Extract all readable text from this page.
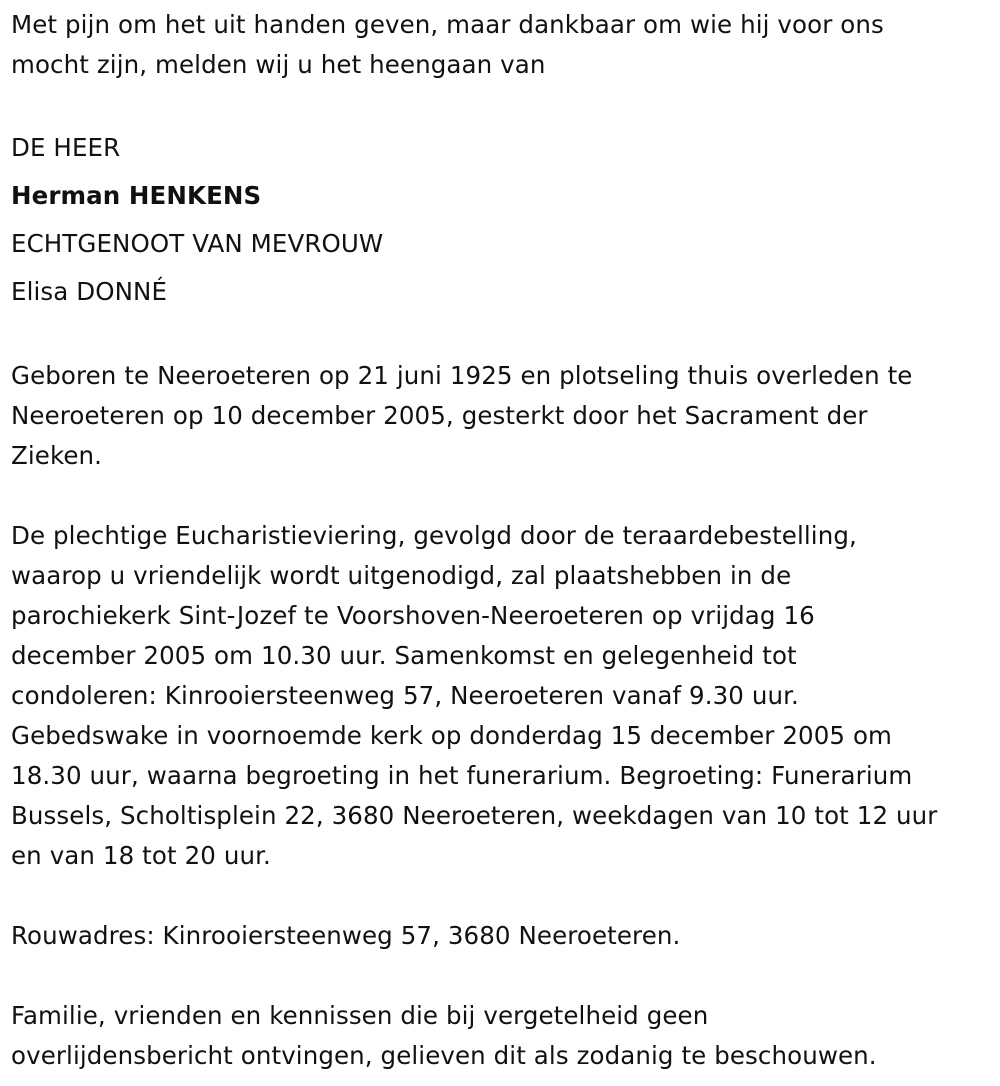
Met pijn om het uit handen geven, maar dankbaar om wie hij voor ons
mocht zijn, melden wij u het heengaan van
DE HEER
Herman HENKENS
ECHTGENOOT VAN MEVROUW
Elisa DONNÉ
Geboren te Neeroeteren op 21 juni 1925 en plotseling thuis overleden te
Neeroeteren op 10 december 2005, gesterkt door het Sacrament der
Zieken.
De plechtige Eucharistieviering, gevolgd door de teraardebestelling,
waarop u vriendelijk wordt uitgenodigd, zal plaatshebben in de
parochiekerk Sint-Jozef te Voorshoven-Neeroeteren op vrijdag 16
december 2005 om 10.30 uur. Samenkomst en gelegenheid tot
condoleren: Kinrooiersteenweg 57, Neeroeteren vanaf 9.30 uur.
Gebedswake in voornoemde kerk op donderdag 15 december 2005 om
18.30 uur, waarna begroeting in het funerarium. Begroeting: Funerarium
Bussels, Scholtisplein 22, 3680 Neeroeteren, weekdagen van 10 tot 12 uur
en van 18 tot 20 uur.
Rouwadres: Kinrooiersteenweg 57, 3680 Neeroeteren.
Familie, vrienden en kennissen die bij vergetelheid geen
overlijdensbericht ontvingen, gelieven dit als zodanig te beschouwen.
